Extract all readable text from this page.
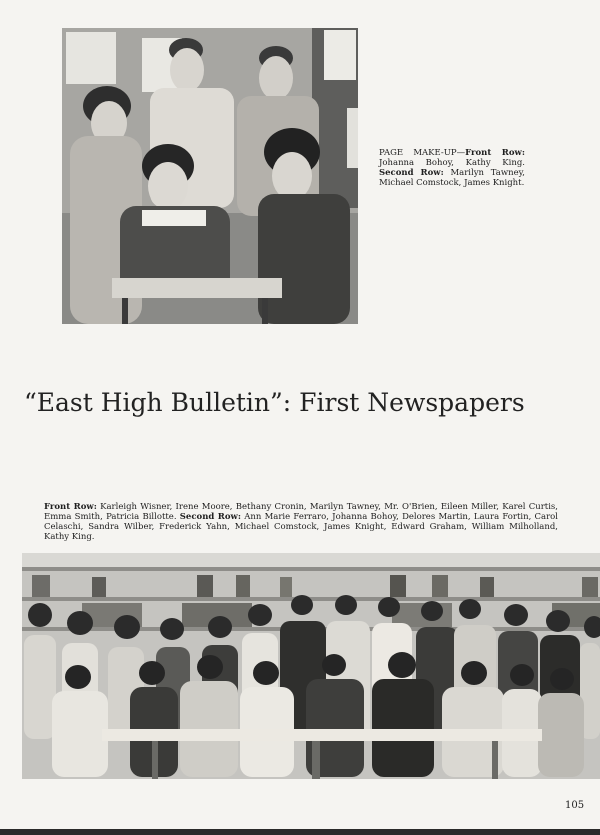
PAGE MAKE-UP—Front Row: Johanna Bohoy, Kathy King. Second Row: Marilyn Tawney, Michael Comstock, James Knight.
“East High Bulletin”: First Newspapers
Front Row: Karleigh Wisner, Irene Moore, Bethany Cronin, Marilyn Tawney, Mr. O'Brien, Eileen Miller, Karel Curtis, Emma Smith, Patricia Billotte. Second Row: Ann Marie Ferraro, Johanna Bohoy, Delores Martin, Laura Fortin, Carol Celaschi, Sandra Wilber, Frederick Yahn, Michael Comstock, James Knight, Edward Graham, William Milholland, Kathy King.
105
